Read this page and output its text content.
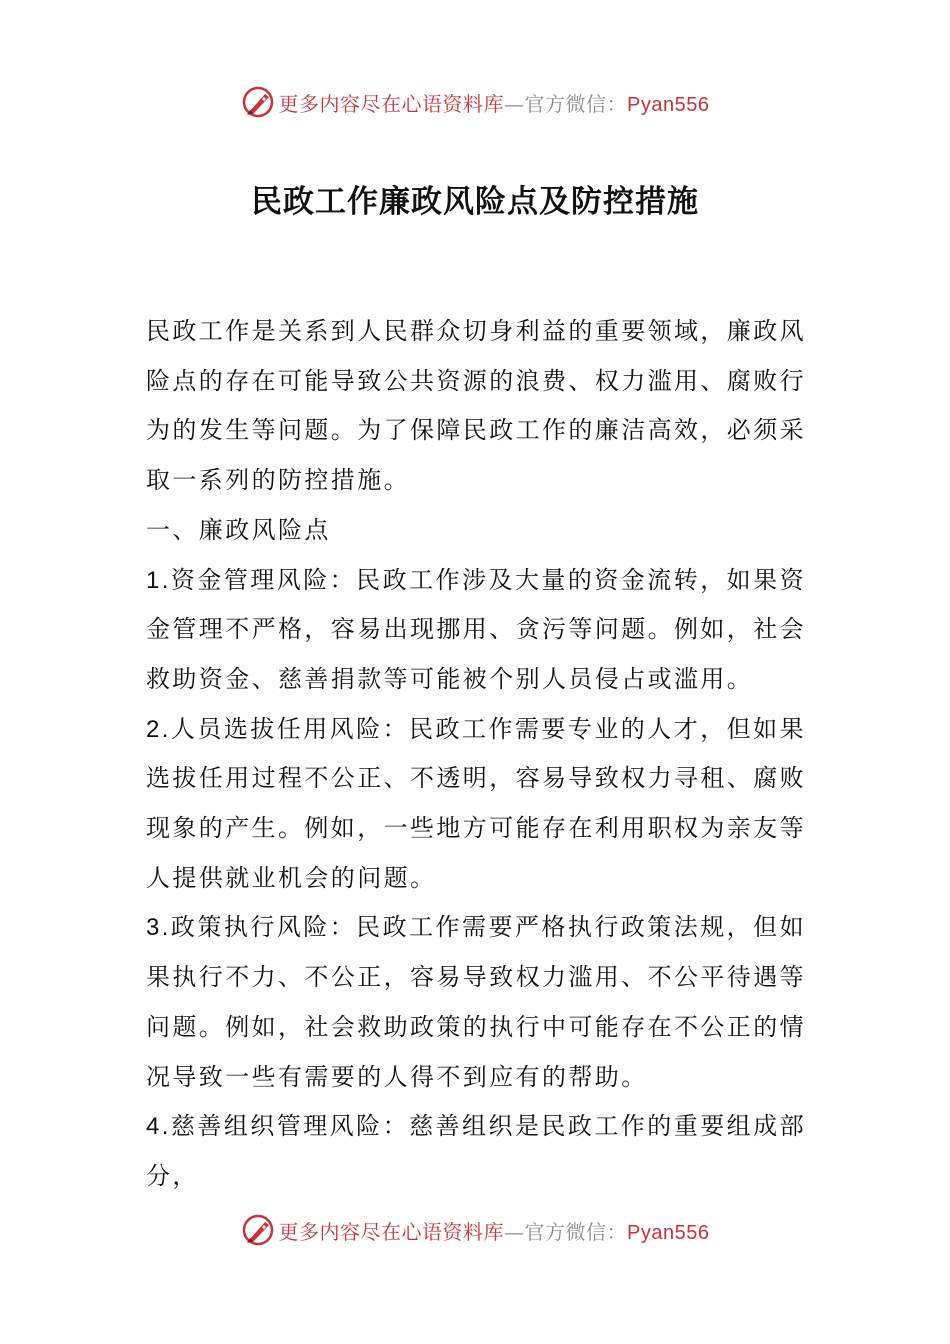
更多内容尽在心语资料库—官方微信：Pyan556
民政工作廉政风险点及防控措施

民政工作是关系到人民群众切身利益的重要领域，廉政风险点的存在可能导致公共资源的浪费、权力滥用、腐败行为的发生等问题。为了保障民政工作的廉洁高效，必须采取一系列的防控措施。

一、廉政风险点

1.资金管理风险：民政工作涉及大量的资金流转，如果资金管理不严格，容易出现挪用、贪污等问题。例如，社会救助资金、慈善捐款等可能被个别人员侵占或滥用。

2.人员选拔任用风险：民政工作需要专业的人才，但如果选拔任用过程不公正、不透明，容易导致权力寻租、腐败现象的产生。例如，一些地方可能存在利用职权为亲友等人提供就业机会的问题。

3.政策执行风险：民政工作需要严格执行政策法规，但如果执行不力、不公正，容易导致权力滥用、不公平待遇等问题。例如，社会救助政策的执行中可能存在不公正的情况导致一些有需要的人得不到应有的帮助。

4.慈善组织管理风险：慈善组织是民政工作的重要组成部分，

更多内容尽在心语资料库—官方微信：Pyan556
